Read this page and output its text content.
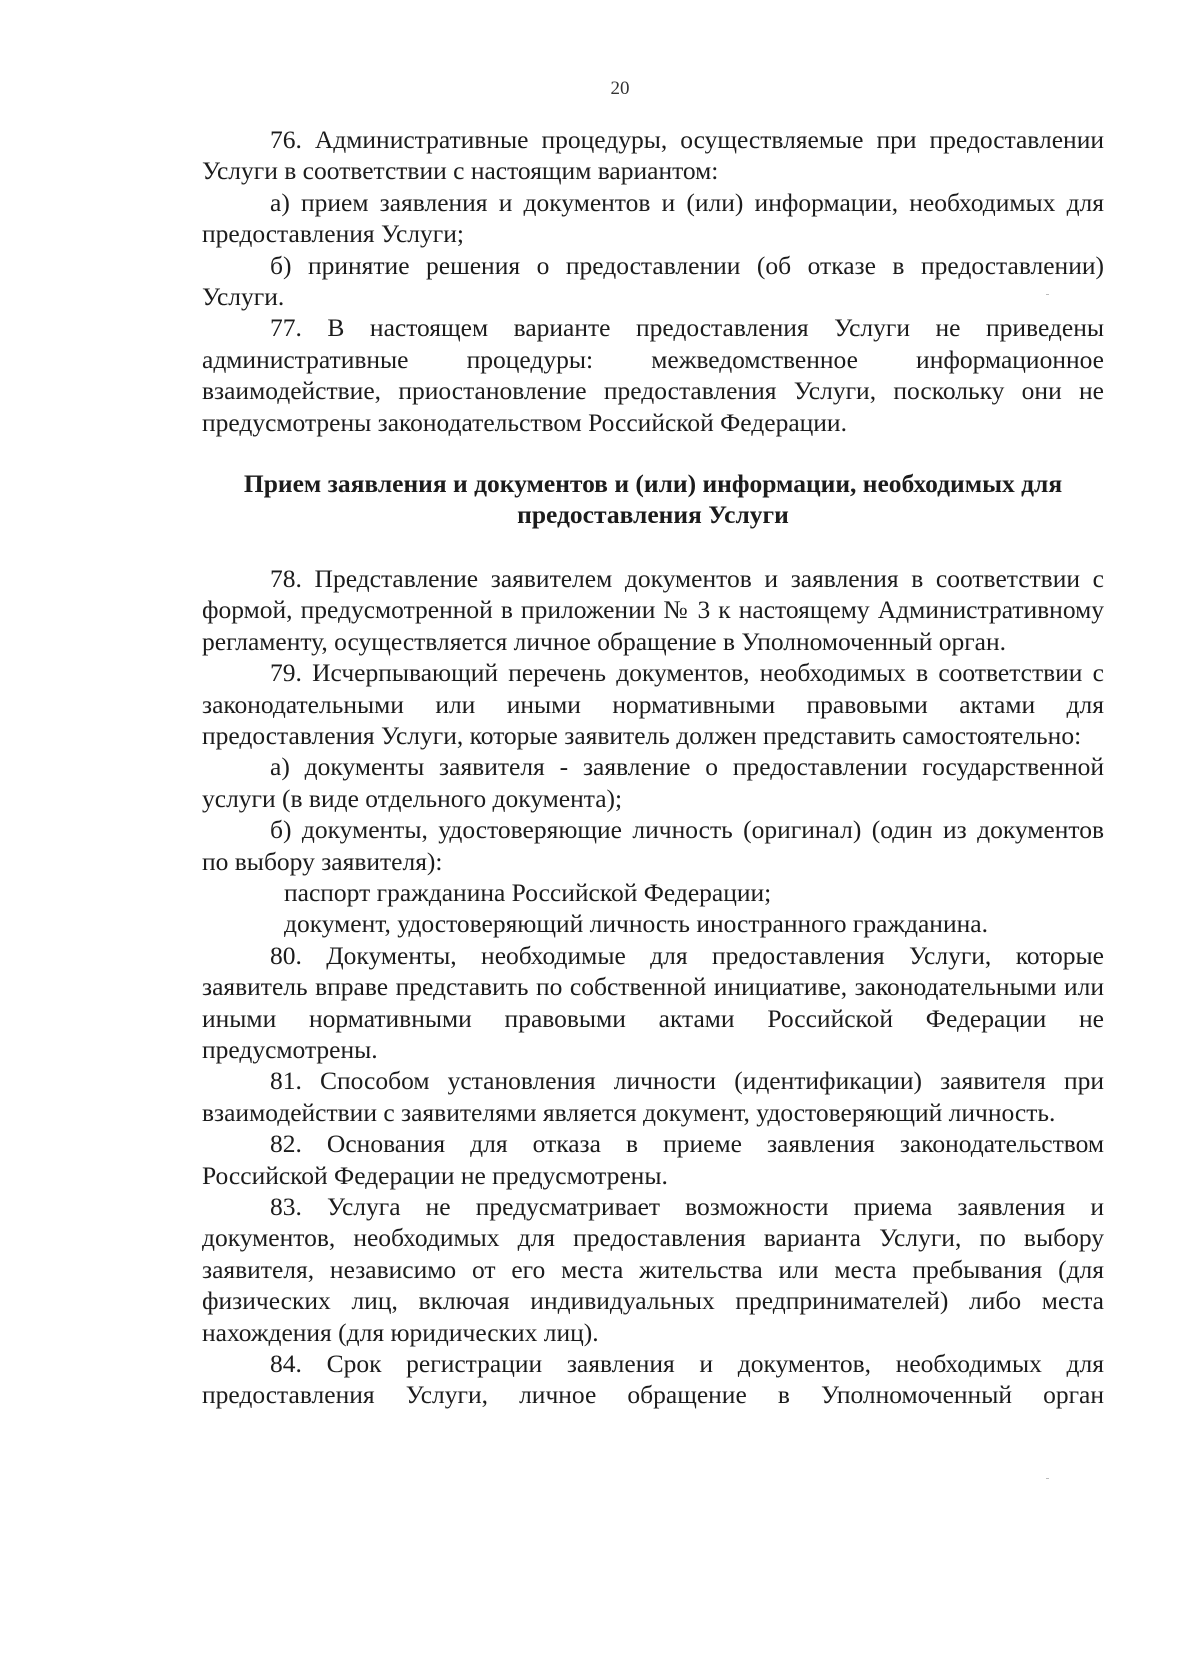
20

76. Административные процедуры, осуществляемые при предоставлении Услуги в соответствии с настоящим вариантом:

а) прием заявления и документов и (или) информации, необходимых для предоставления Услуги;

б) принятие решения о предоставлении (об отказе в предоставлении) Услуги.

77. В настоящем варианте предоставления Услуги не приведены административные процедуры: межведомственное информационное взаимодействие, приостановление предоставления Услуги, поскольку они не предусмотрены законодательством Российской Федерации.

Прием заявления и документов и (или) информации, необходимых для предоставления Услуги

78. Представление заявителем документов и заявления в соответствии с формой, предусмотренной в приложении № 3 к настоящему Административному регламенту, осуществляется личное обращение в Уполномоченный орган.

79. Исчерпывающий перечень документов, необходимых в соответствии с законодательными или иными нормативными правовыми актами для предоставления Услуги, которые заявитель должен представить самостоятельно:

а) документы заявителя - заявление о предоставлении государственной услуги (в виде отдельного документа);

б) документы, удостоверяющие личность (оригинал) (один из документов по выбору заявителя):

паспорт гражданина Российской Федерации;

документ, удостоверяющий личность иностранного гражданина.

80. Документы, необходимые для предоставления Услуги, которые заявитель вправе представить по собственной инициативе, законодательными или иными нормативными правовыми актами Российской Федерации не предусмотрены.

81. Способом установления личности (идентификации) заявителя при взаимодействии с заявителями является документ, удостоверяющий личность.

82. Основания для отказа в приеме заявления законодательством Российской Федерации не предусмотрены.

83. Услуга не предусматривает возможности приема заявления и документов, необходимых для предоставления варианта Услуги, по выбору заявителя, независимо от его места жительства или места пребывания (для физических лиц, включая индивидуальных предпринимателей) либо места нахождения (для юридических лиц).

84. Срок регистрации заявления и документов, необходимых для предоставления Услуги, личное обращение в Уполномоченный орган
